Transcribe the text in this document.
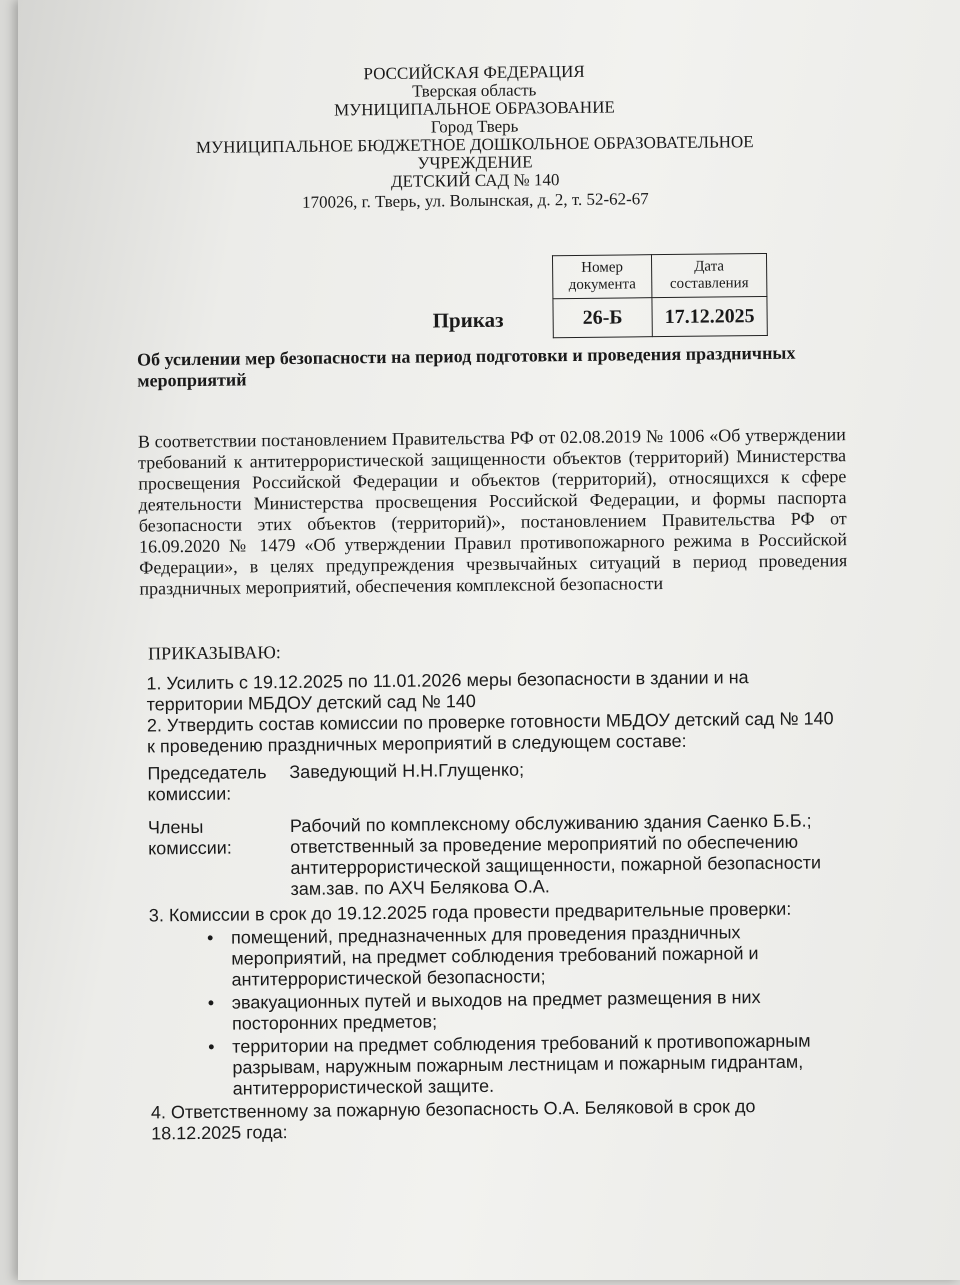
РОССИЙСКАЯ ФЕДЕРАЦИЯ
Тверская область
МУНИЦИПАЛЬНОЕ ОБРАЗОВАНИЕ
Город Тверь
МУНИЦИПАЛЬНОЕ БЮДЖЕТНОЕ ДОШКОЛЬНОЕ ОБРАЗОВАТЕЛЬНОЕ УЧРЕЖДЕНИЕ
ДЕТСКИЙ САД № 140
170026, г. Тверь, ул. Волынская, д. 2, т. 52-62-67
Номер документа	Дата составления
26-Б	17.12.2025
Приказ
Об усилении мер безопасности на период подготовки и проведения праздничных мероприятий
В соответствии постановлением Правительства РФ от 02.08.2019 № 1006 «Об утверждении требований к антитеррористической защищенности объектов (территорий) Министерства просвещения Российской Федерации и объектов (территорий), относящихся к сфере деятельности Министерства просвещения Российской Федерации, и формы паспорта безопасности этих объектов (территорий)», постановлением Правительства РФ от 16.09.2020 № 1479 «Об утверждении Правил противопожарного режима в Российской Федерации», в целях предупреждения чрезвычайных ситуаций в период проведения праздничных мероприятий, обеспечения комплексной безопасности
ПРИКАЗЫВАЮ:

1. Усилить с 19.12.2025 по 11.01.2026 меры безопасности в здании и на территории МБДОУ детский сад № 140

2. Утвердить состав комиссии по проверке готовности МБДОУ детский сад № 140 к проведению праздничных мероприятий в следующем составе:

Председатель комиссии:
Заведующий Н.Н.Глущенко;
Члены комиссии:
Рабочий по комплексному обслуживанию здания Саенко Б.Б.; ответственный за проведение мероприятий по обеспечению антитеррористической защищенности, пожарной безопасности зам.зав. по АХЧ Белякова О.А.

3. Комиссии в срок до 19.12.2025 года провести предварительные проверки:

• помещений, предназначенных для проведения праздничных мероприятий, на предмет соблюдения требований пожарной и антитеррористической безопасности;
• эвакуационных путей и выходов на предмет размещения в них посторонних предметов;
• территории на предмет соблюдения требований к противопожарным разрывам, наружным пожарным лестницам и пожарным гидрантам, антитеррористической защите.

4. Ответственному за пожарную безопасность О.А. Беляковой в срок до 18.12.2025 года:
